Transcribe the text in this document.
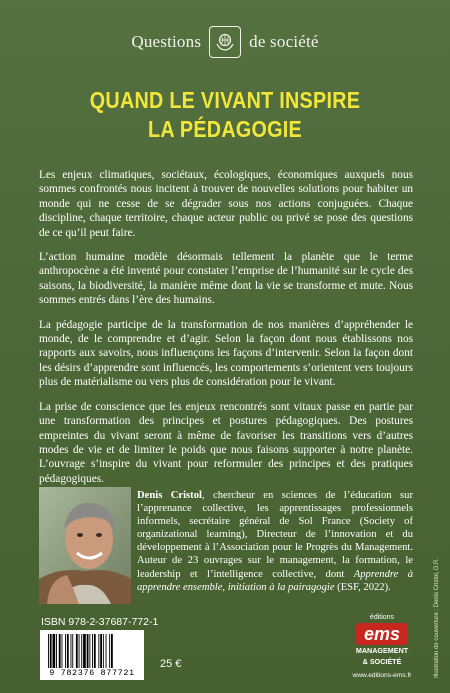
Questions	de société
QUAND LE VIVANT INSPIRE
LA PÉDAGOGIE

Les enjeux climatiques, sociétaux, écologiques, économiques auxquels nous sommes confrontés nous incitent à trouver de nouvelles solutions pour habiter un monde qui ne cesse de se dégrader sous nos actions conjuguées. Chaque discipline, chaque territoire, chaque acteur public ou privé se pose des questions de ce qu’il peut faire.

L’action humaine modèle désormais tellement la planète que le terme anthropocène a été inventé pour constater l’emprise de l’humanité sur le cycle des saisons, la biodiversité, la manière même dont la vie se transforme et mute. Nous sommes entrés dans l’ère des humains.

La pédagogie participe de la transformation de nos manières d’appréhender le monde, de le comprendre et d’agir. Selon la façon dont nous établissons nos rapports aux savoirs, nous influençons les façons d’intervenir. Selon la façon dont les désirs d’apprendre sont influencés, les comportements s’orientent vers toujours plus de matérialisme ou vers plus de considération pour le vivant.

La prise de conscience que les enjeux rencontrés sont vitaux passe en partie par une transformation des principes et postures pédagogiques. Des postures empreintes du vivant seront à même de favoriser les transitions vers d’autres modes de vie et de limiter le poids que nous faisons supporter à notre planète. L’ouvrage s’inspire du vivant pour reformuler des principes et des pratiques pédagogiques.

Denis Cristol, chercheur en sciences de l’éducation sur l’apprenance collective, les apprentissages professionnels informels, secrétaire général de Sol France (Society of organizational learning), Directeur de l’innovation et du développement à l’Association pour le Progrès du Management. Auteur de 23 ouvrages sur le management, la formation, le leadership et l’intelligence collective, dont Apprendre à apprendre ensemble, initiation à la pairagogie (ESF, 2022).
ISBN 978-2-37687-772-1
9 782376 877721
25 €
éditions
ems
MANAGEMENT
& SOCIÉTÉ
www.editions-ems.fr	Illustration de couverture : Denis Cristol, D.R.
